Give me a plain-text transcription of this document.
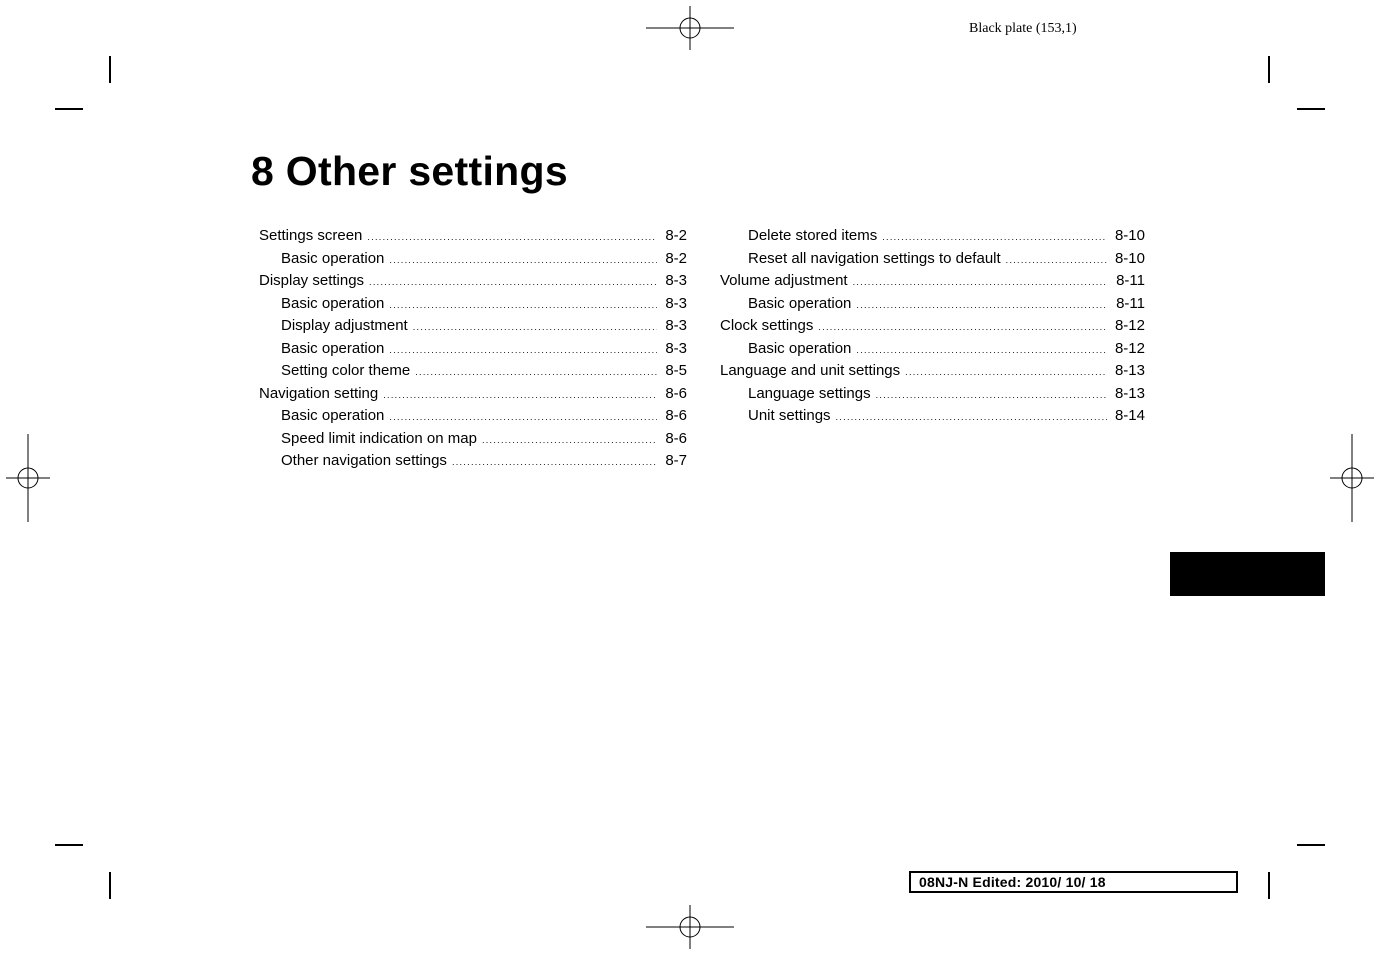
Black plate (153,1)
8 Other settings
Settings screen .....	8-2
Basic operation .....	8-2
Display settings .....	8-3
Basic operation .....	8-3
Display adjustment .....	8-3
Basic operation .....	8-3
Setting color theme .....	8-5
Navigation setting .....	8-6
Basic operation .....	8-6
Speed limit indication on map .....	8-6
Other navigation settings .....	8-7
Delete stored items .....	8-10
Reset all navigation settings to default .....	8-10
Volume adjustment .....	8-11
Basic operation .....	8-11
Clock settings .....	8-12
Basic operation .....	8-12
Language and unit settings .....	8-13
Language settings .....	8-13
Unit settings .....	8-14
08NJ-N Edited: 2010/ 10/ 18
